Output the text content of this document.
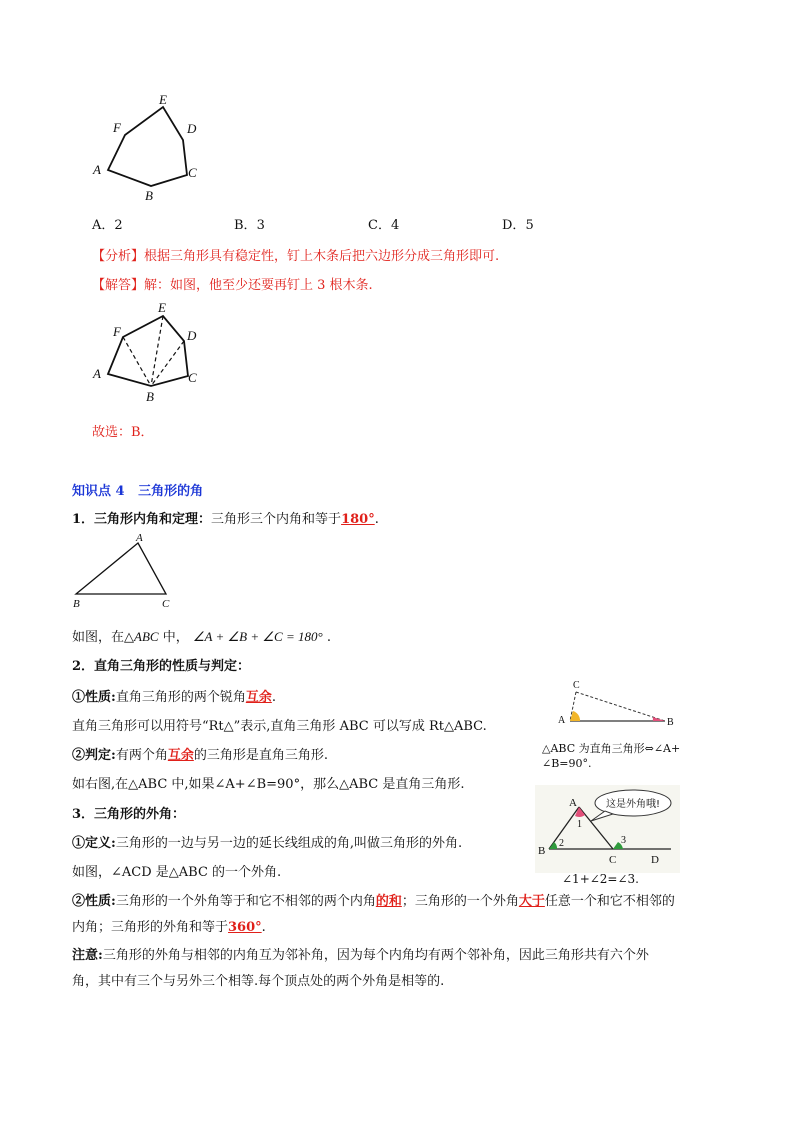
E
F	D
A	C
B
A．2	B．3	C．4	D．5
【分析】根据三角形具有稳定性，钉上木条后把六边形分成三角形即可.
【解答】解：如图，他至少还要再钉上 3 根木条.
E
F	D
A	C
B
故选：B．
知识点 4 三角形的角
1．三角形内角和定理：三角形三个内角和等于180°.
A
B	C
如图，在△ABC 中， ∠A + ∠B + ∠C = 180° .
2．直角三角形的性质与判定：
①性质:直角三角形的两个锐角互余.
直角三角形可以用符号“Rt△”表示,直角三角形 ABC 可以写成 Rt△ABC.
②判定:有两个角互余的三角形是直角三角形.
如右图,在△ABC 中,如果∠A+∠B=90°，那么△ABC 是直角三角形.
C
A	B
△ABC 为直角三角形⇔∠A+
∠B=90°.
3．三角形的外角：
①定义:三角形的一边与另一边的延长线组成的角,叫做三角形的外角.
如图，∠ACD 是△ABC 的一个外角.
这是外角哦!
A
B
C	D
1
2	3
∠1+∠2=∠3.
②性质:三角形的一个外角等于和它不相邻的两个内角的和；三角形的一个外角大于任意一个和它不相邻的
内角；三角形的外角和等于360°.
注意:三角形的外角与相邻的内角互为邻补角，因为每个内角均有两个邻补角，因此三角形共有六个外
角，其中有三个与另外三个相等.每个顶点处的两个外角是相等的.
